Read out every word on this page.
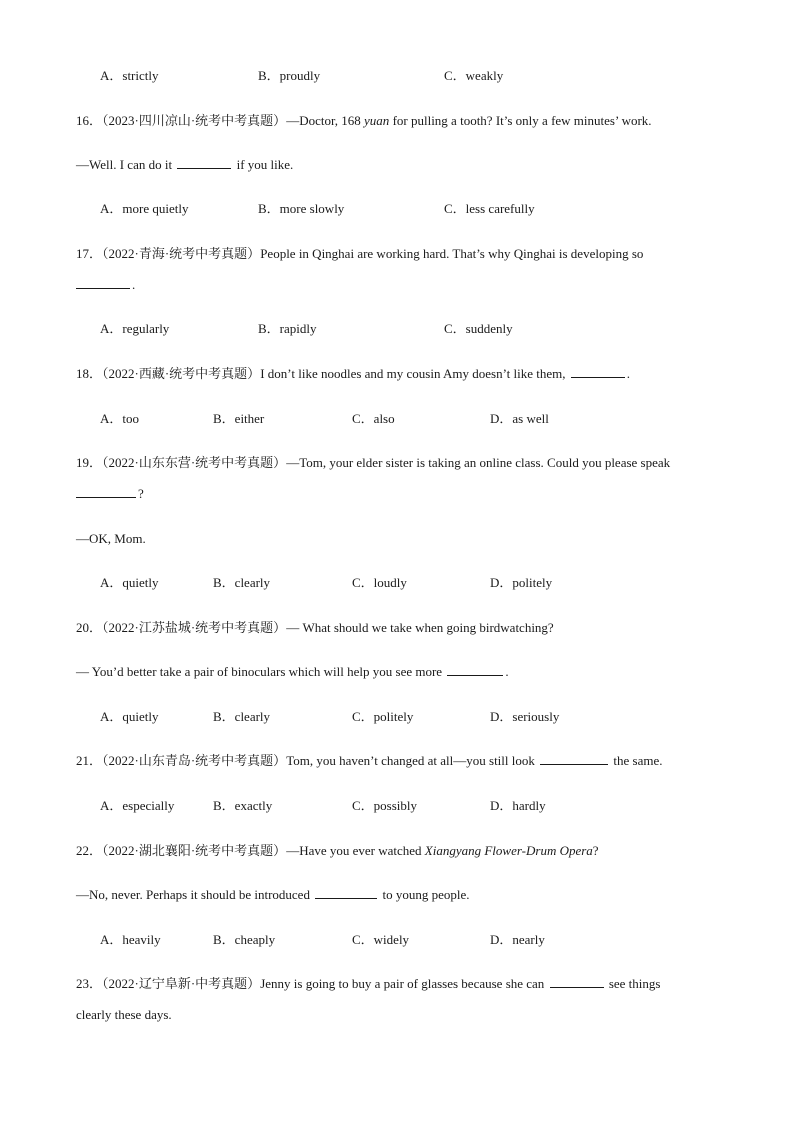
A．strictly	B．proudly	C．weakly
16．（2023·四川凉山·统考中考真题）—Doctor, 168 yuan for pulling a tooth? It’s only a few minutes’ work.
—Well. I can do it	if you like.
A．more quietly	B．more slowly	C．less carefully
17．（2022·青海·统考中考真题）People in Qinghai are working hard. That’s why Qinghai is developing so
.
A．regularly	B．rapidly	C．suddenly
18．（2022·西藏·统考中考真题）I don’t like noodles and my cousin Amy doesn’t like them,	.
A．too	B．either	C．also	D．as well
19．（2022·山东东营·统考中考真题）—Tom, your elder sister is taking an online class. Could you please speak
?
—OK, Mom.
A．quietly	B．clearly	C．loudly	D．politely
20．（2022·江苏盐城·统考中考真题）— What should we take when going birdwatching?
— You’d better take a pair of binoculars which will help you see more	.
A．quietly	B．clearly	C．politely	D．seriously
21．（2022·山东青岛·统考中考真题）Tom, you haven’t changed at all—you still look	the same.
A．especially	B．exactly	C．possibly	D．hardly
22．（2022·湖北襄阳·统考中考真题）—Have you ever watched Xiangyang Flower-Drum Opera?
—No, never. Perhaps it should be introduced	to young people.
A．heavily	B．cheaply	C．widely	D．nearly
23．（2022·辽宁阜新·中考真题）Jenny is going to buy a pair of glasses because she can	see things
clearly these days.
